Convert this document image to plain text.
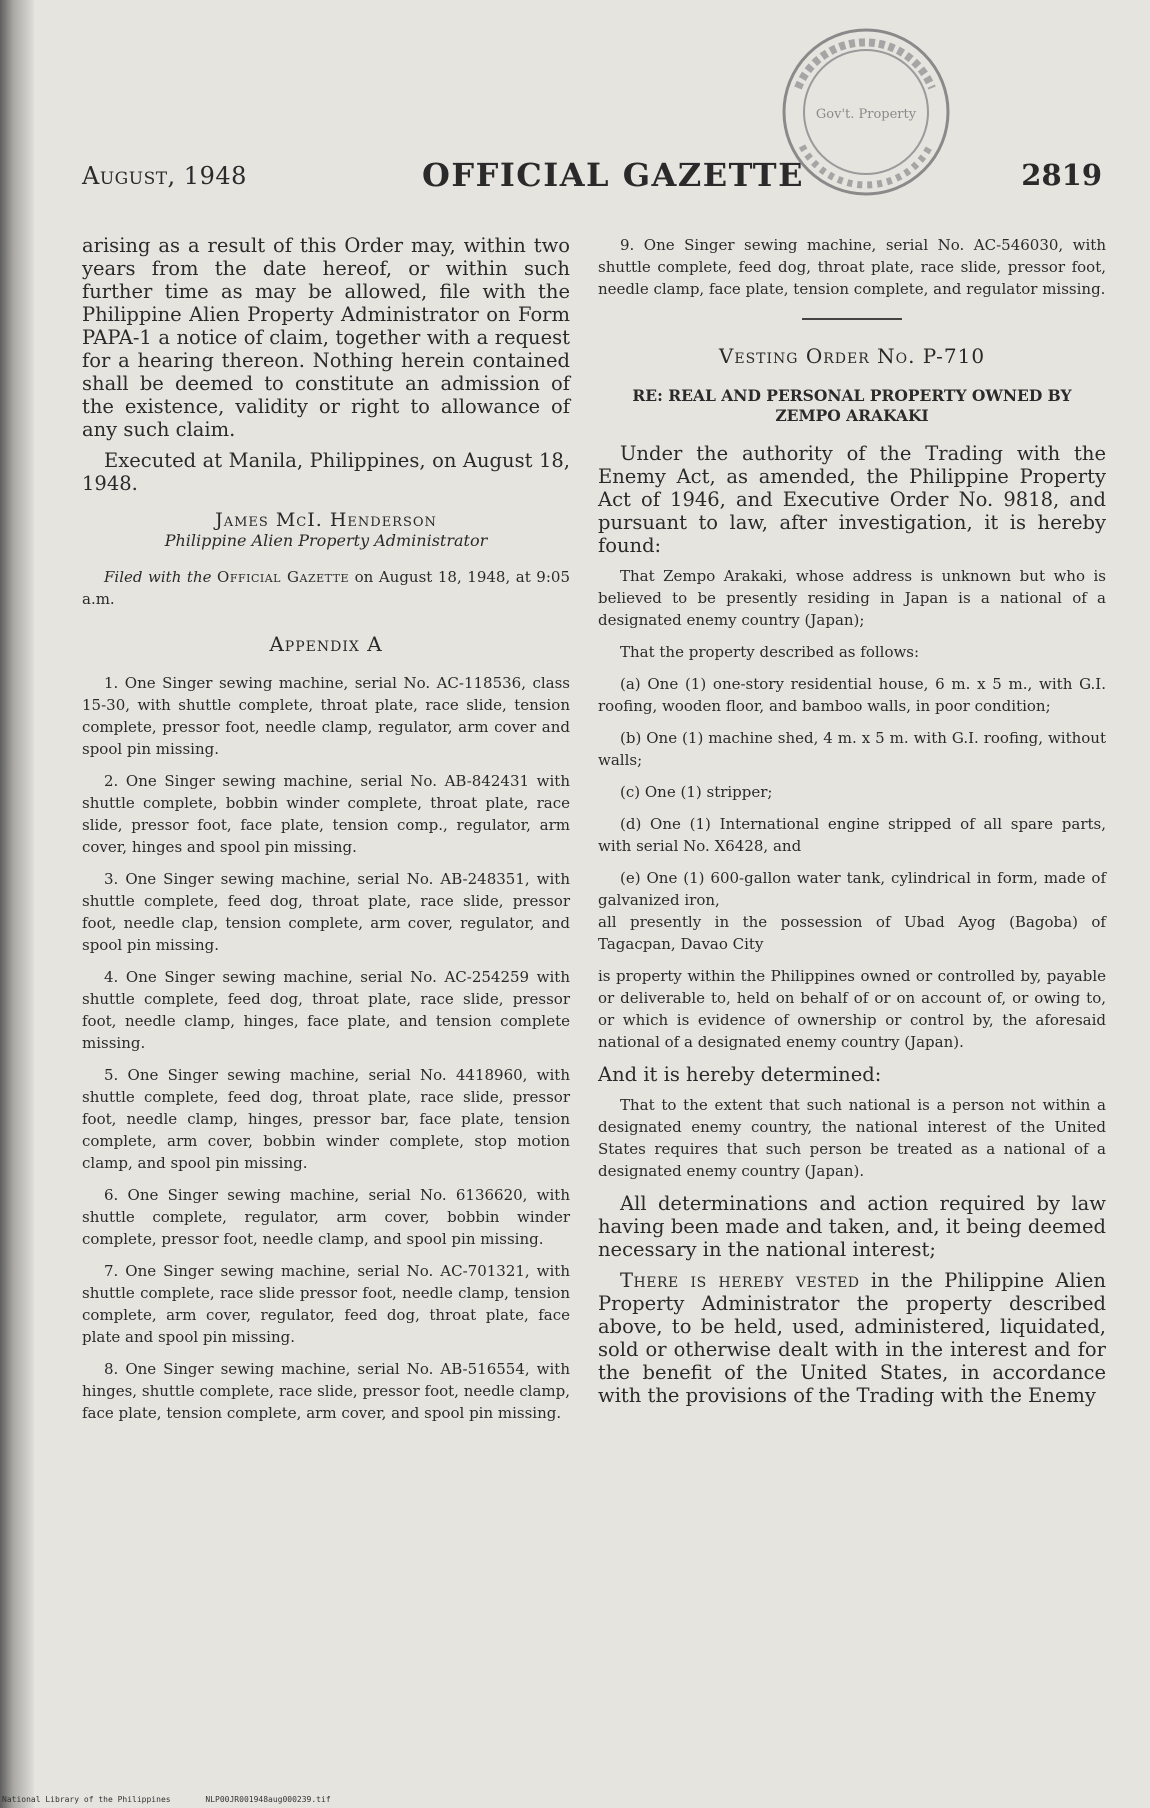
August, 1948	OFFICIAL GAZETTE	2819
Gov't. Property

arising as a result of this Order may, within two years from the date hereof, or within such further time as may be allowed, file with the Philippine Alien Property Administrator on Form PAPA-1 a notice of claim, together with a request for a hearing thereon. Nothing herein contained shall be deemed to constitute an admission of the existence, validity or right to allowance of any such claim.

Executed at Manila, Philippines, on August 18, 1948.

James McI. Henderson
Philippine Alien Property Administrator

Filed with the Official Gazette on August 18, 1948, at 9:05 a.m.

Appendix A

1. One Singer sewing machine, serial No. AC-118536, class 15-30, with shuttle complete, throat plate, race slide, tension complete, pressor foot, needle clamp, regulator, arm cover and spool pin missing.

2. One Singer sewing machine, serial No. AB-842431 with shuttle complete, bobbin winder complete, throat plate, race slide, pressor foot, face plate, tension comp., regulator, arm cover, hinges and spool pin missing.

3. One Singer sewing machine, serial No. AB-248351, with shuttle complete, feed dog, throat plate, race slide, pressor foot, needle clap, tension complete, arm cover, regulator, and spool pin missing.

4. One Singer sewing machine, serial No. AC-254259 with shuttle complete, feed dog, throat plate, race slide, pressor foot, needle clamp, hinges, face plate, and tension complete missing.

5. One Singer sewing machine, serial No. 4418960, with shuttle complete, feed dog, throat plate, race slide, pressor foot, needle clamp, hinges, pressor bar, face plate, tension complete, arm cover, bobbin winder complete, stop motion clamp, and spool pin missing.

6. One Singer sewing machine, serial No. 6136620, with shuttle complete, regulator, arm cover, bobbin winder complete, pressor foot, needle clamp, and spool pin missing.

7. One Singer sewing machine, serial No. AC-701321, with shuttle complete, race slide pressor foot, needle clamp, tension complete, arm cover, regulator, feed dog, throat plate, face plate and spool pin missing.

8. One Singer sewing machine, serial No. AB-516554, with hinges, shuttle complete, race slide, pressor foot, needle clamp, face plate, tension complete, arm cover, and spool pin missing.

9. One Singer sewing machine, serial No. AC-546030, with shuttle complete, feed dog, throat plate, race slide, pressor foot, needle clamp, face plate, tension complete, and regulator missing.

Vesting Order No. P-710
RE: REAL AND PERSONAL PROPERTY OWNED BY ZEMPO ARAKAKI

Under the authority of the Trading with the Enemy Act, as amended, the Philippine Property Act of 1946, and Executive Order No. 9818, and pursuant to law, after investigation, it is hereby found:

That Zempo Arakaki, whose address is unknown but who is believed to be presently residing in Japan is a national of a designated enemy country (Japan);

That the property described as follows:

(a) One (1) one-story residential house, 6 m. x 5 m., with G.I. roofing, wooden floor, and bamboo walls, in poor condition;

(b) One (1) machine shed, 4 m. x 5 m. with G.I. roofing, without walls;

(c) One (1) stripper;

(d) One (1) International engine stripped of all spare parts, with serial No. X6428, and

(e) One (1) 600-gallon water tank, cylindrical in form, made of galvanized iron,

all presently in the possession of Ubad Ayog (Bagoba) of Tagacpan, Davao City

is property within the Philippines owned or controlled by, payable or deliverable to, held on behalf of or on account of, or owing to, or which is evidence of ownership or control by, the aforesaid national of a designated enemy country (Japan).

And it is hereby determined:

That to the extent that such national is a person not within a designated enemy country, the national interest of the United States requires that such person be treated as a national of a designated enemy country (Japan).

All determinations and action required by law having been made and taken, and, it being deemed necessary in the national interest;

There is hereby vested in the Philippine Alien Property Administrator the property described above, to be held, used, administered, liquidated, sold or otherwise dealt with in the interest and for the benefit of the United States, in accordance with the provisions of the Trading with the Enemy

National Library of the Philippines	NLP00JR001948aug000239.tif
